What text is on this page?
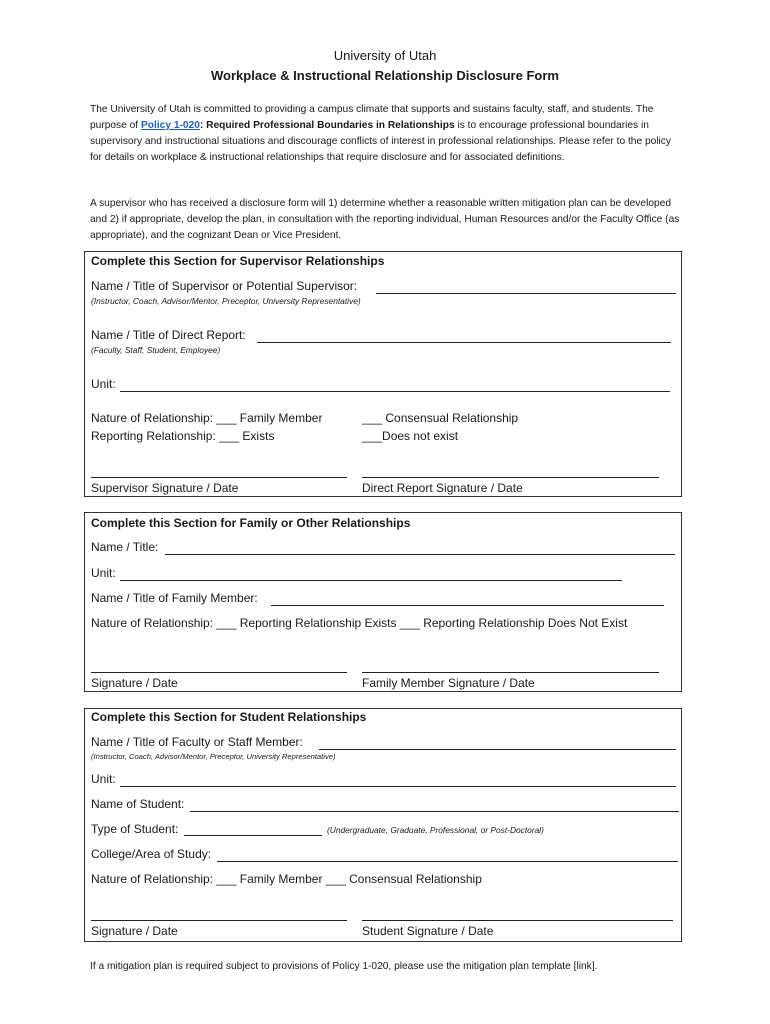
University of Utah
Workplace & Instructional Relationship Disclosure Form
The University of Utah is committed to providing a campus climate that supports and sustains faculty, staff, and students. The purpose of Policy 1-020: Required Professional Boundaries in Relationships is to encourage professional boundaries in supervisory and instructional situations and discourage conflicts of interest in professional relationships. Please refer to the policy for details on workplace & instructional relationships that require disclosure and for associated definitions.
A supervisor who has received a disclosure form will 1) determine whether a reasonable written mitigation plan can be developed and 2) if appropriate, develop the plan, in consultation with the reporting individual, Human Resources and/or the Faculty Office (as appropriate), and the cognizant Dean or Vice President.
Complete this Section for Supervisor Relationships
Name / Title of Supervisor or Potential Supervisor:
(Instructor, Coach, Advisor/Mentor, Preceptor, University Representative)
Name / Title of Direct Report:
(Faculty, Staff, Student, Employee)
Unit:
Nature of Relationship: ___ Family Member	___ Consensual Relationship
Reporting Relationship: ___ Exists	___Does not exist
Supervisor Signature / Date	Direct Report Signature / Date
Complete this Section for Family or Other Relationships
Name / Title:
Unit:
Name / Title of Family Member:
Nature of Relationship: ___ Reporting Relationship Exists ___ Reporting Relationship Does Not Exist
Signature / Date	Family Member Signature / Date
Complete this Section for Student Relationships
Name / Title of Faculty or Staff Member:
(Instructor, Coach, Advisor/Mentor, Preceptor, University Representative)
Unit:
Name of Student:
Type of Student:	(Undergraduate, Graduate, Professional, or Post-Doctoral)
College/Area of Study:
Nature of Relationship: ___ Family Member ___ Consensual Relationship
Signature / Date	Student Signature / Date
If a mitigation plan is required subject to provisions of Policy 1-020, please use the mitigation plan template [link].
